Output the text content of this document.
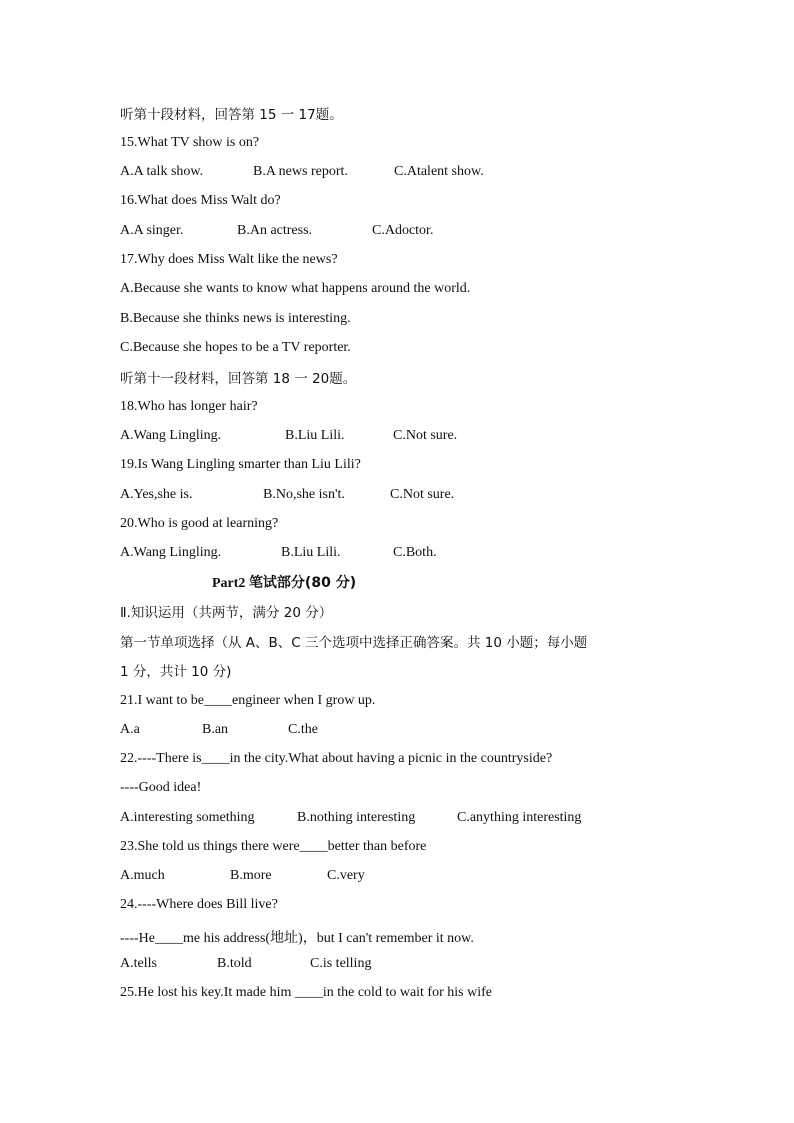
听第十段材料，回答第 15 一 17题。
15.What TV show is on?
A.A talk show.	B.A news report.	C.Atalent show.
16.What does Miss Walt do?
A.A singer.	B.An actress.	C.Adoctor.
17.Why does Miss Walt like the news?
A.Because she wants to know what happens around the world.
B.Because she thinks news is interesting.
C.Because she hopes to be a TV reporter.
听第十一段材料，回答第 18 一 20题。
18.Who has longer hair?
A.Wang Lingling.	B.Liu Lili.	C.Not sure.
19.Is Wang Lingling smarter than Liu Lili?
A.Yes,she is.	B.No,she isn't.	C.Not sure.
20.Who is good at learning?
A.Wang Lingling.	B.Liu Lili.	C.Both.
Part2 笔试部分(80 分)
Ⅱ.知识运用（共两节，满分 20 分）
第一节单项选择（从 A、B、C 三个选项中选择正确答案。共 10 小题；每小题
1 分，共计 10 分)
21.I want to be____engineer when I grow up.
A.a	B.an	C.the
22.----There is____in the city.What about having a picnic in the countryside?
----Good idea!
A.interesting something	B.nothing interesting	C.anything interesting
23.She told us things there were____better than before
A.much	B.more	C.very
24.----Where does Bill live?
----He____me his address(地址)，but I can't remember it now.
A.tells	B.told	C.is telling
25.He lost his key.It made him ____in the cold to wait for his wife
